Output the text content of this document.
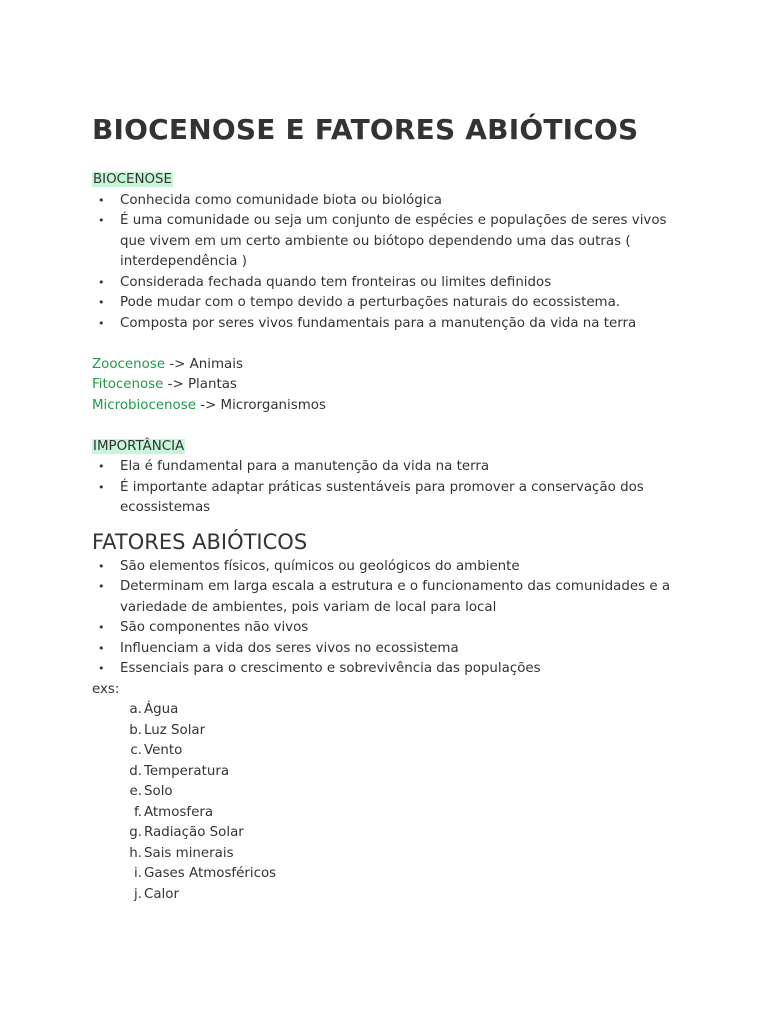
BIOCENOSE E FATORES ABIÓTICOS
BIOCENOSE
• Conhecida como comunidade biota ou biológica
• É uma comunidade ou seja um conjunto de espécies e populações de seres vivos que vivem em um certo ambiente ou biótopo dependendo uma das outras ( interdependência )
• Considerada fechada quando tem fronteiras ou limites definidos
• Pode mudar com o tempo devido a perturbações naturais do ecossistema.
• Composta por seres vivos fundamentais para a manutenção da vida na terra
Zoocenose -> Animais
Fitocenose -> Plantas
Microbiocenose -> Microrganismos
IMPORTÂNCIA
• Ela é fundamental para a manutenção da vida na terra
• É importante adaptar práticas sustentáveis para promover a conservação dos ecossistemas
FATORES ABIÓTICOS
• São elementos físicos, químicos ou geológicos do ambiente
• Determinam em larga escala a estrutura e o funcionamento das comunidades e a variedade de ambientes, pois variam de local para local
• São componentes não vivos
• Influenciam a vida dos seres vivos no ecossistema
• Essenciais para o crescimento e sobrevivência das populações
exs:
a. Água
b. Luz Solar
c. Vento
d. Temperatura
e. Solo
f. Atmosfera
g. Radiação Solar
h. Sais minerais
i. Gases Atmosféricos
j. Calor
